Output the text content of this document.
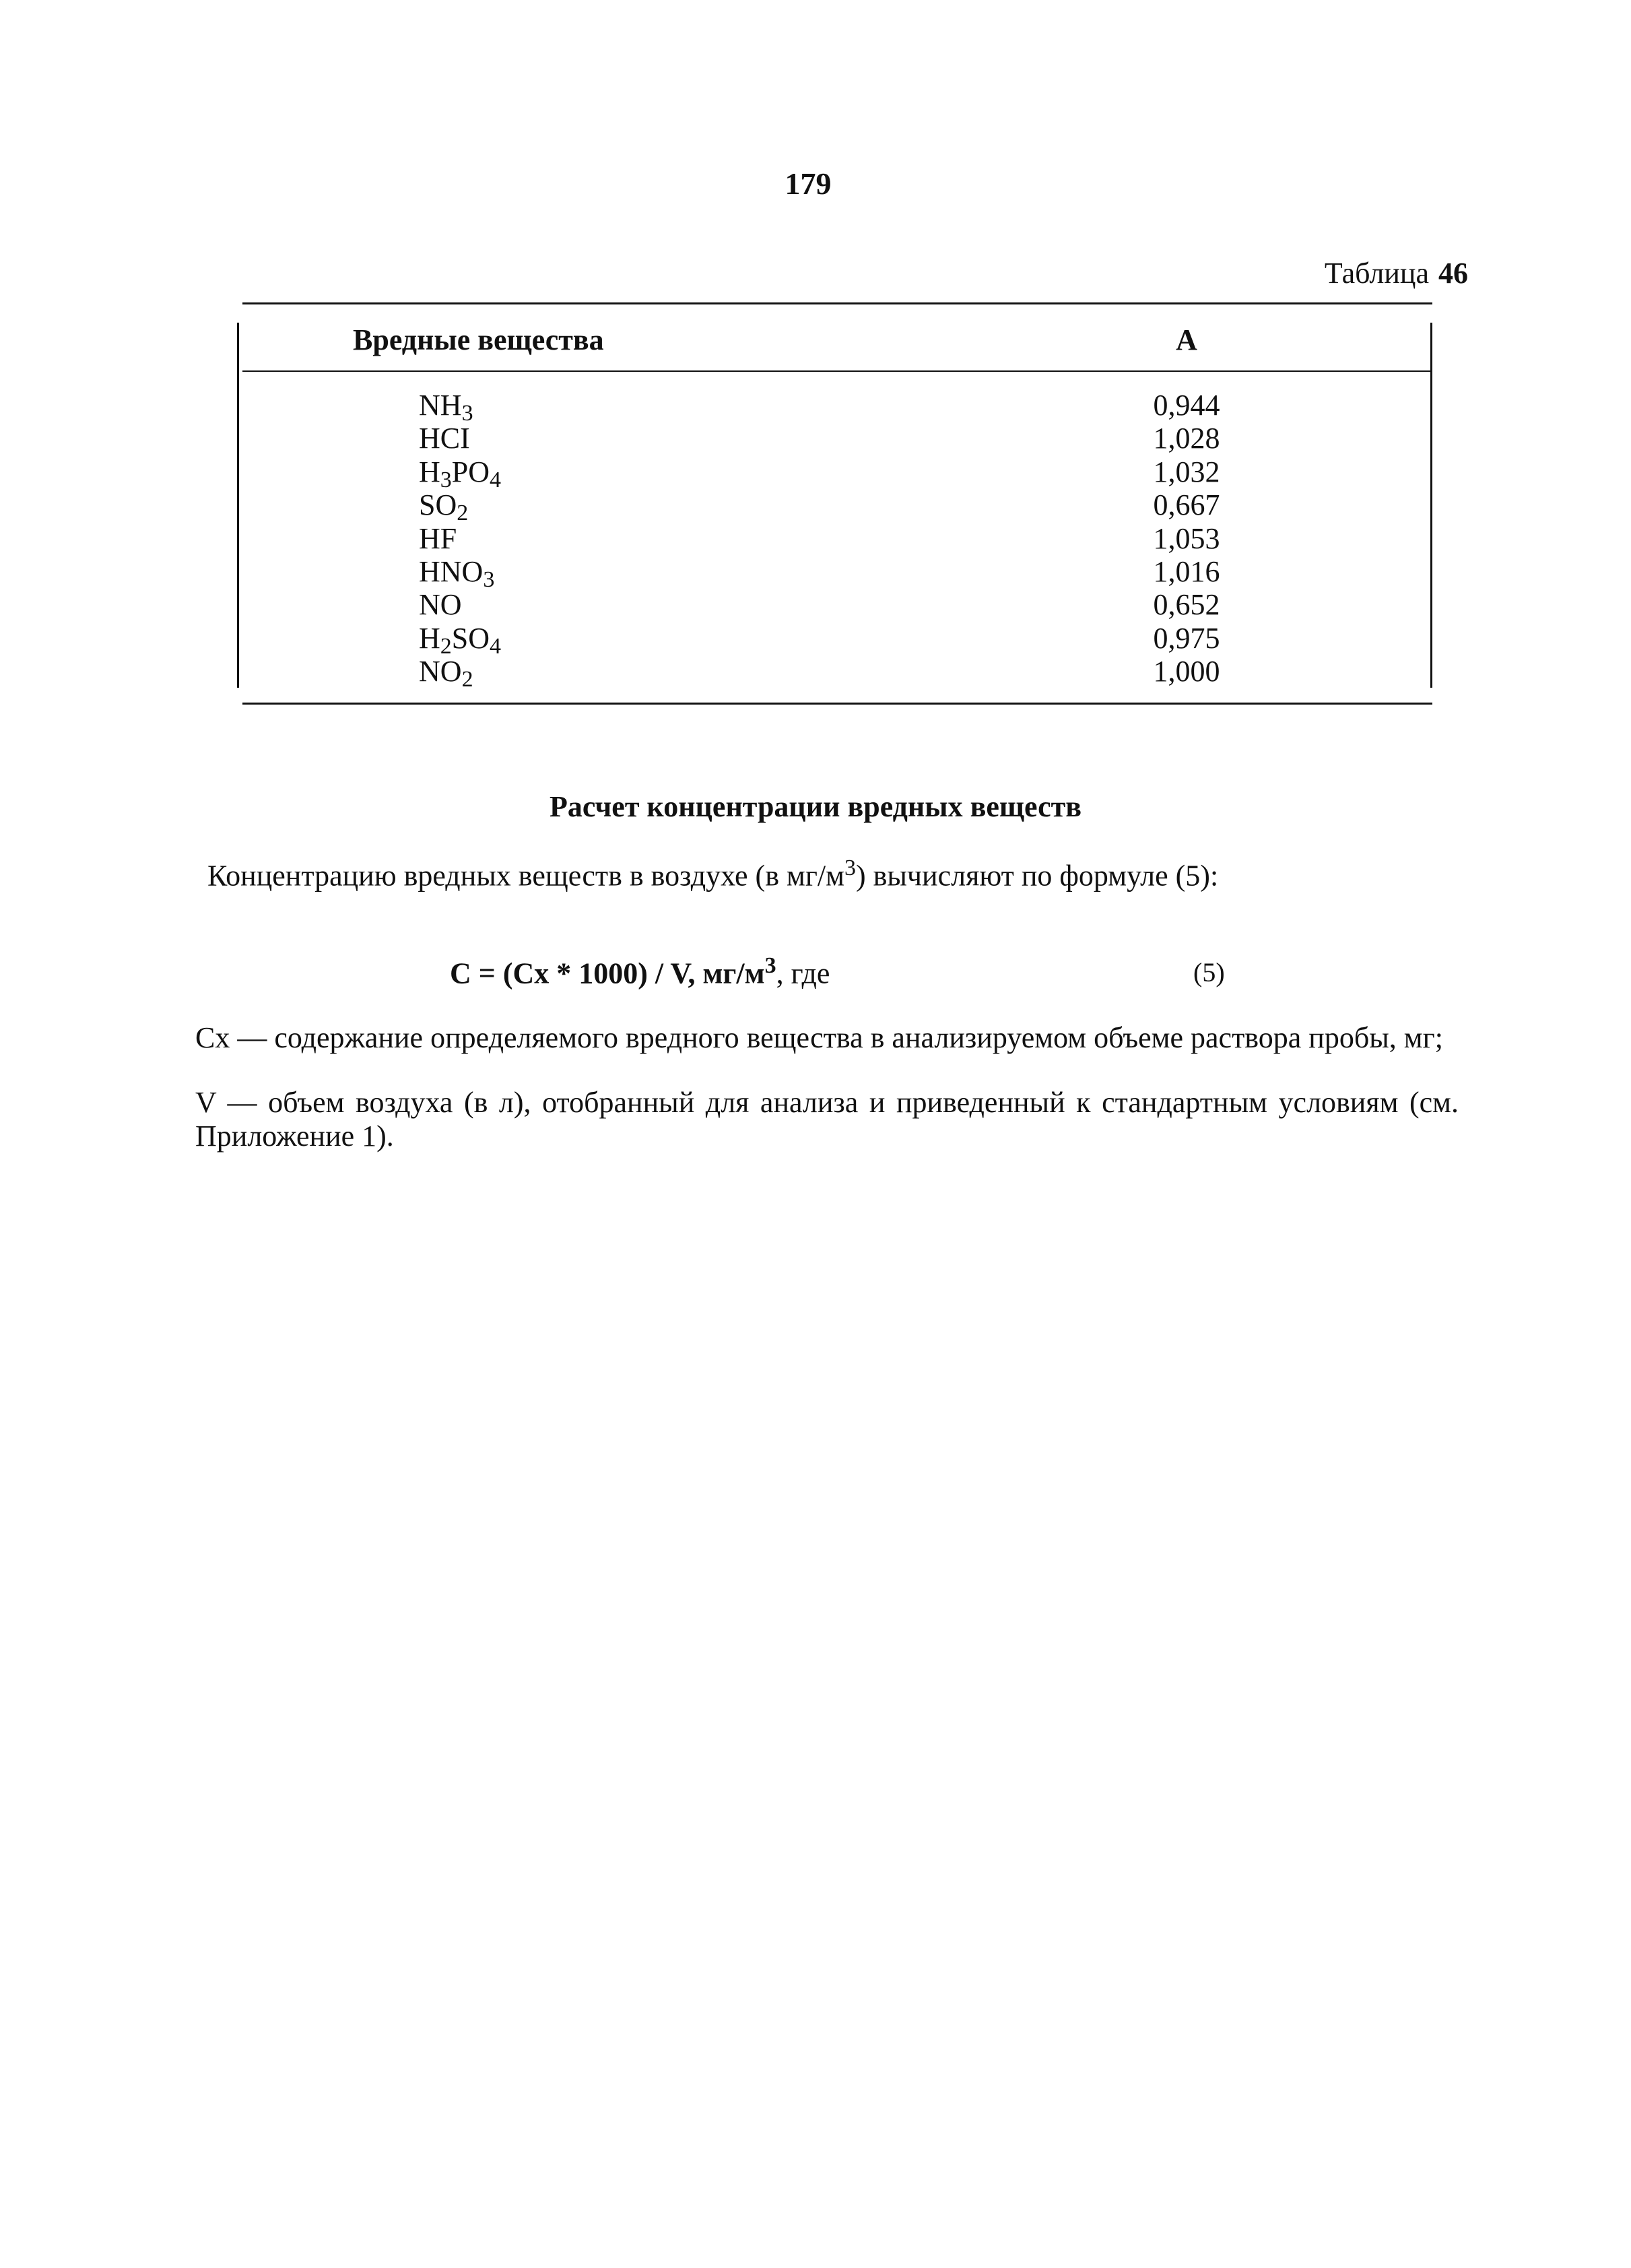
179
Таблица 46
Вредные вещества	A
$NH_3$	0,944
HCI	1,028
$H_3PO_4$	1,032
$SO_2$	0,667
HF	1,053
$HNO_3$	1,016
NO	0,652
$H_2SO_4$	0,975
$NO_2$	1,000
Расчет концентрации вредных веществ
Концентрацию вредных веществ в воздухе (в $мг/м^3$) вычисляют по формуле (5):
C = (Cx * 1000) / V, $мг/м^3$, где	(5)
Cx — содержание определяемого вредного вещества в анализируемом объеме раствора пробы, мг;
V — объем воздуха (в л), отобранный для анализа и приведенный к стандартным условиям (см. Приложение 1).
